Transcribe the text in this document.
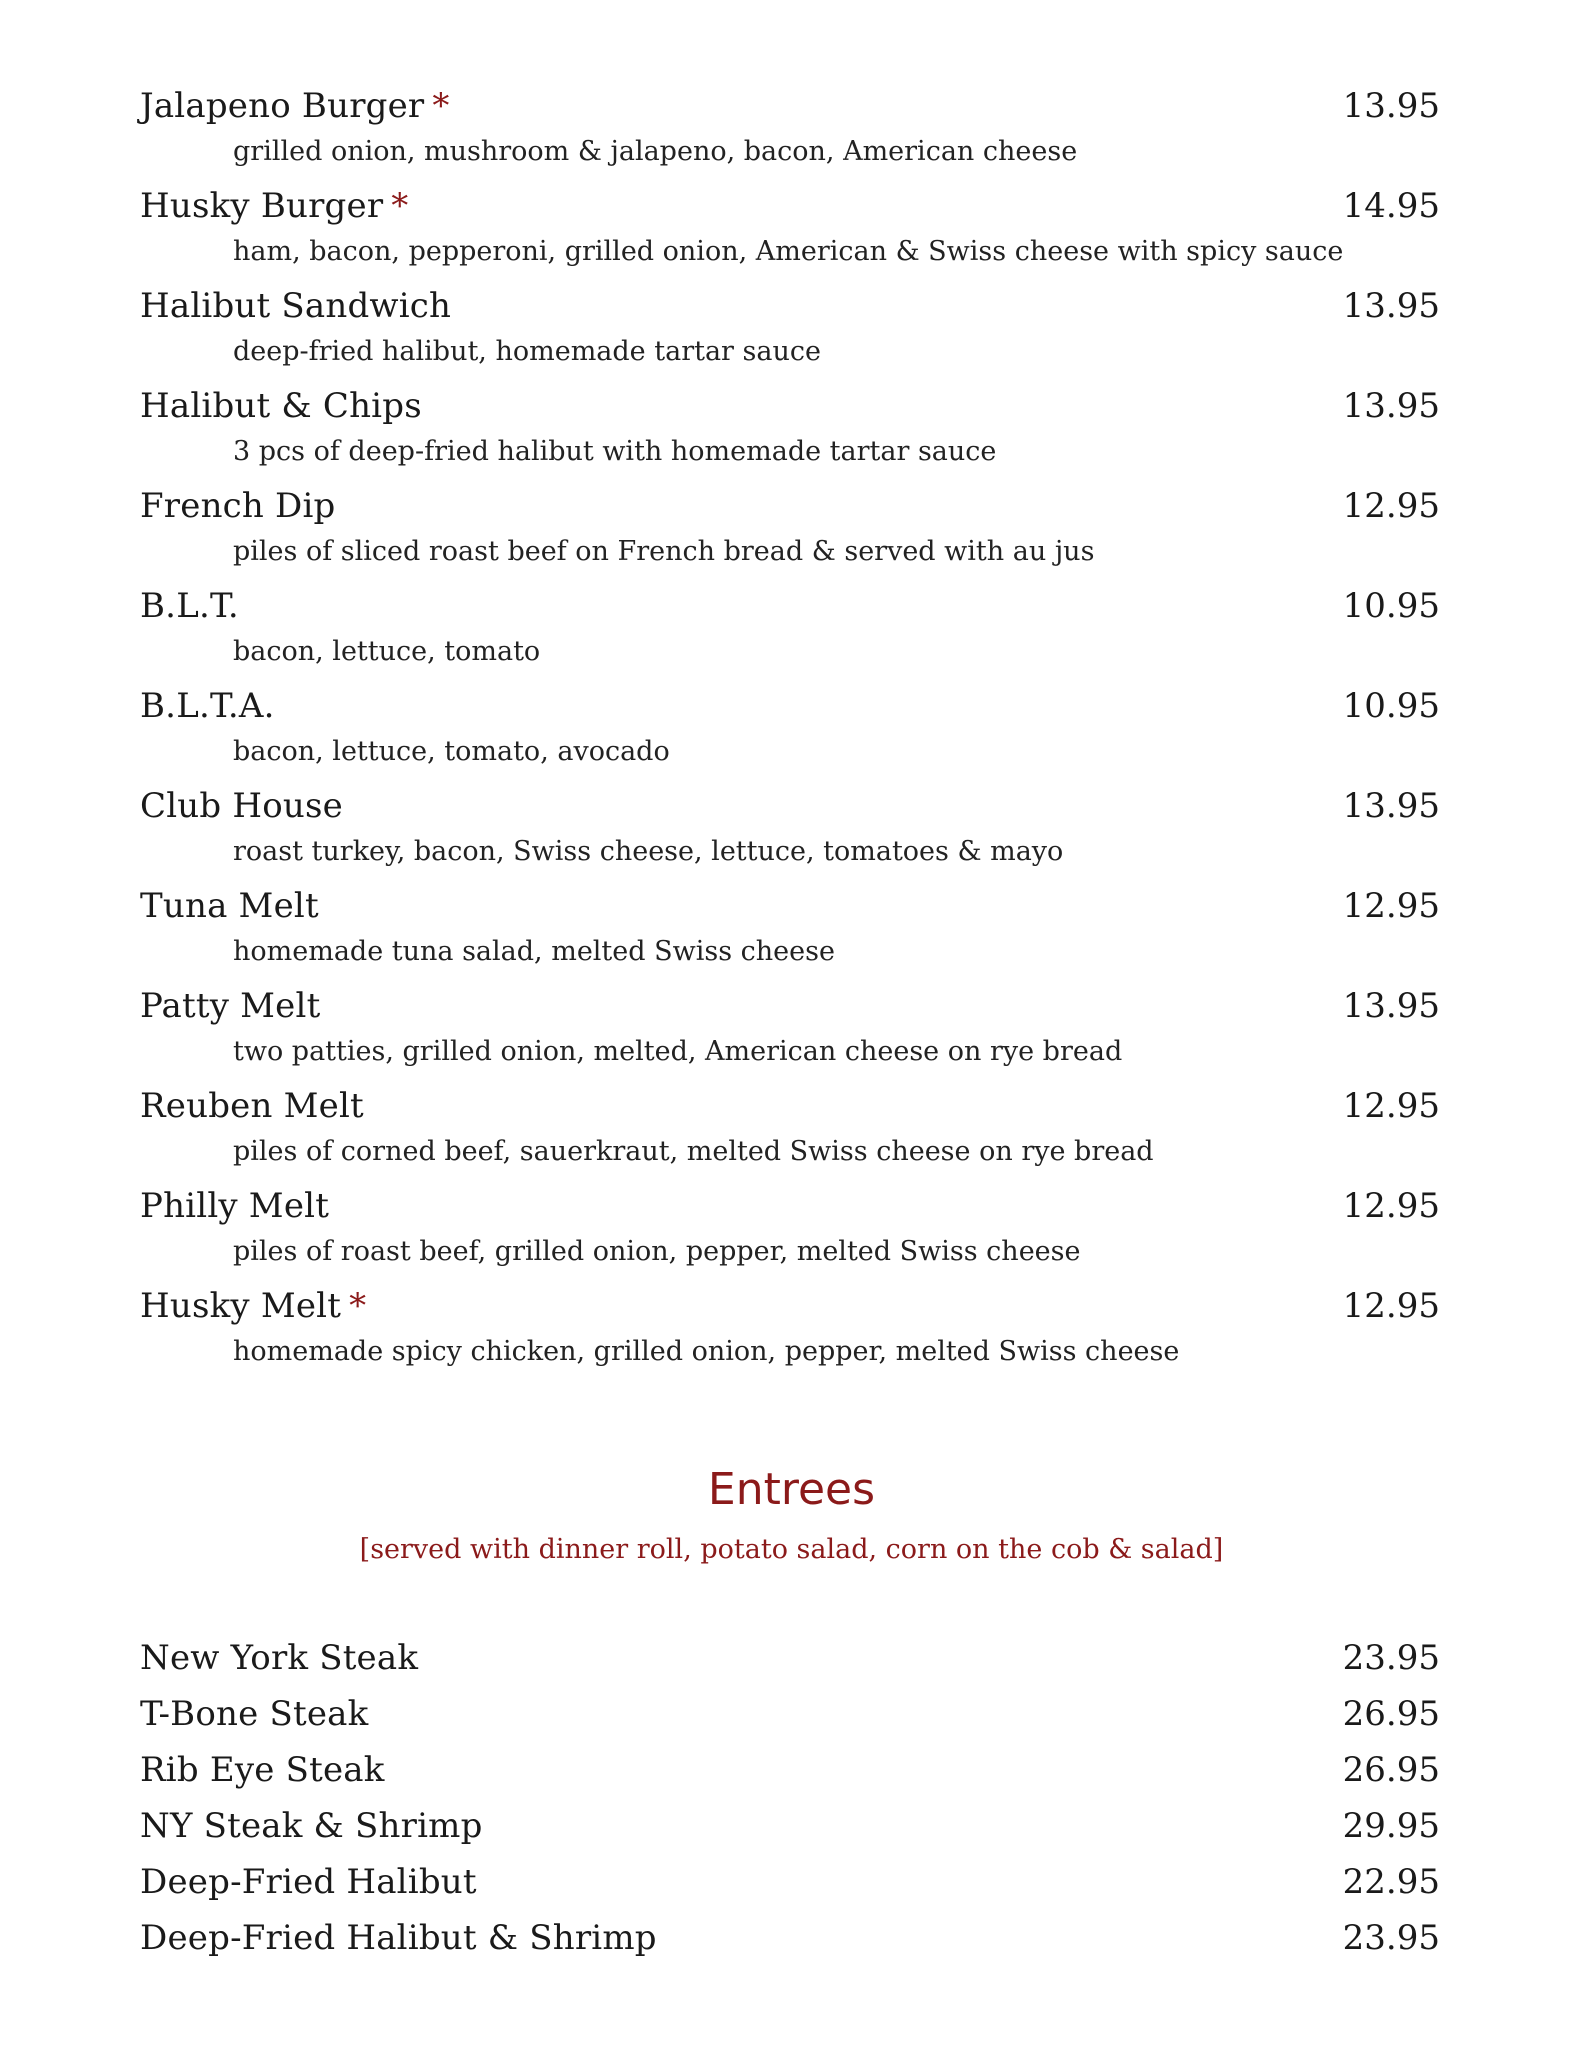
Jalapeno Burger *	13.95
grilled onion, mushroom & jalapeno, bacon, American cheese
Husky Burger *	14.95
ham, bacon, pepperoni, grilled onion, American & Swiss cheese with spicy sauce
Halibut Sandwich	13.95
deep-fried halibut, homemade tartar sauce
Halibut & Chips	13.95
3 pcs of deep-fried halibut with homemade tartar sauce
French Dip	12.95
piles of sliced roast beef on French bread & served with au jus
B.L.T.	10.95
bacon, lettuce, tomato
B.L.T.A.	10.95
bacon, lettuce, tomato, avocado
Club House	13.95
roast turkey, bacon, Swiss cheese, lettuce, tomatoes & mayo
Tuna Melt	12.95
homemade tuna salad, melted Swiss cheese
Patty Melt	13.95
two patties, grilled onion, melted, American cheese on rye bread
Reuben Melt	12.95
piles of corned beef, sauerkraut, melted Swiss cheese on rye bread
Philly Melt	12.95
piles of roast beef, grilled onion, pepper, melted Swiss cheese
Husky Melt *	12.95
homemade spicy chicken, grilled onion, pepper, melted Swiss cheese
Entrees
[served with dinner roll, potato salad, corn on the cob & salad]
New York Steak	23.95
T-Bone Steak	26.95
Rib Eye Steak	26.95
NY Steak & Shrimp	29.95
Deep-Fried Halibut	22.95
Deep-Fried Halibut & Shrimp	23.95
